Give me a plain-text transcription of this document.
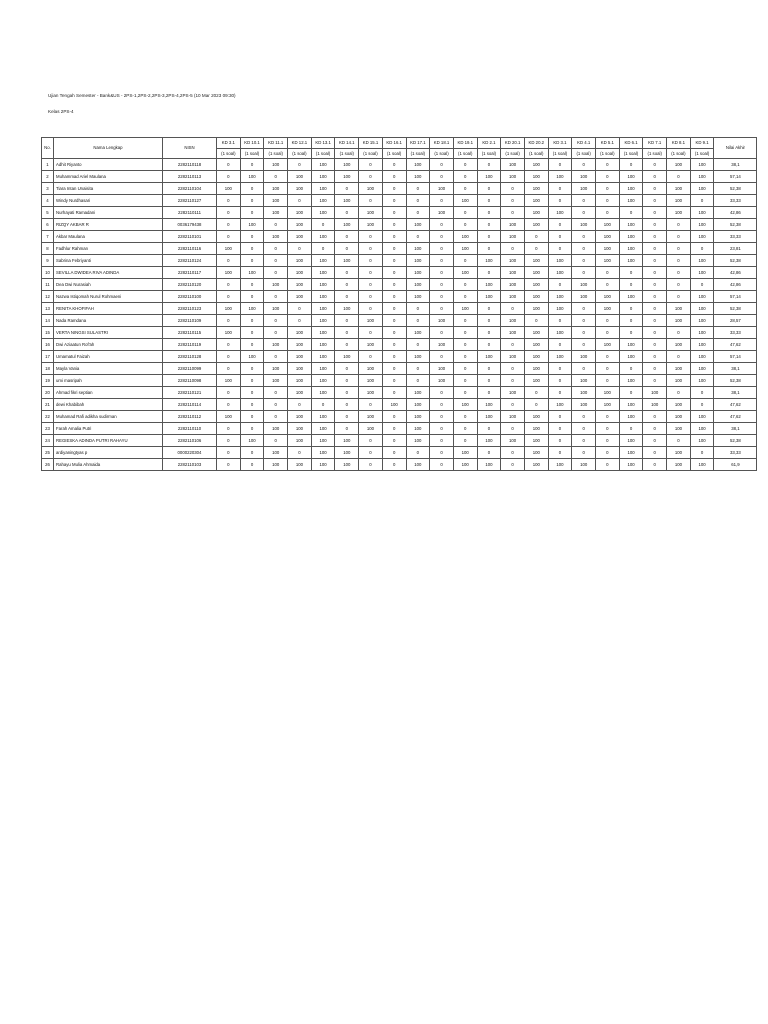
Ujian Tengah Semester - Bank&US - 2PS-1,2PS-2,2PS-3,2PS-4,2PS-5 (10 Mar 2023 09:30)
Kelas 2PS-4
No.	Nama Lengkap	NISN	KD 3.1	KD 10.1	KD 11.1	KD 12.1	KD 13.1	KD 14.1	KD 15.1	KD 16.1	KD 17.1	KD 18.1	KD 19.1	KD 2.1	KD 20.1	KD 20.2	KD 3.1	KD 4.1	KD 5.1	KD 6.1	KD 7.1	KD 8.1	KD 9.1	Nilai Akhir
			(1 soal)	(1 soal)	(1 soal)	(1 soal)	(1 soal)	(1 soal)	(1 soal)	(1 soal)	(1 soal)	(1 soal)	(1 soal)	(1 soal)	(1 soal)	(1 soal)	(1 soal)	(1 soal)	(1 soal)	(1 soal)	(1 soal)	(1 soal)	(1 soal)	
1	Adhit Riyanto	2282110118	0	0	100	0	100	100	0	0	100	0	0	0	100	100	0	0	0	0	0	100	100	38,1
2	Muhammad Ariel Maulana	2282110113	0	100	0	100	100	100	0	0	100	0	0	100	100	100	100	100	0	100	0	0	100	57,14
3	Tiara Intan Unaisita	2282110104	100	0	100	100	100	0	100	0	0	100	0	0	0	100	0	100	0	100	0	100	100	52,38
4	Windy Nurdhasari	2282110127	0	0	100	0	100	100	0	0	0	0	100	0	0	100	0	0	0	100	0	100	0	33,33
5	Nurhayati Ramadani	2282110111	0	0	100	100	100	0	100	0	0	100	0	0	0	100	100	0	0	0	0	100	100	42,86
6	RIZQY AKBAR R	0036179438	0	100	0	100	0	100	100	0	100	0	0	0	100	100	0	100	100	100	0	0	100	52,38
7	Akbar Maulana	2282110101	0	0	100	100	100	0	0	0	0	0	100	0	100	0	0	0	100	100	0	0	100	33,33
8	Fadhlur Rahman	2282110116	100	0	0	0	0	0	0	0	100	0	100	0	0	0	0	0	100	100	0	0	0	23,81
9	Sabrina Febriyanti	2282110124	0	0	0	100	100	100	0	0	100	0	0	100	100	100	100	0	100	100	0	0	100	52,38
10	SEVILLA DWIDEA RIVA ADINDA	2282110117	100	100	0	100	100	0	0	0	100	0	100	0	100	100	100	0	0	0	0	0	100	42,86
11	Dea Dwi Nurasiah	2282110120	0	0	100	100	100	0	0	0	100	0	0	100	100	100	0	100	0	0	0	0	0	42,86
12	Nazwa Istiqomah Nurul Rohmaeni	2282110100	0	0	0	100	100	0	0	0	100	0	0	100	100	100	100	100	100	100	0	0	100	57,14
13	RENITA KHOFIFAH	2282110123	100	100	100	0	100	100	0	0	0	0	100	0	0	100	100	0	100	0	0	100	100	52,38
14	Nada Ramdana	2282110109	0	0	0	0	100	0	100	0	0	100	0	0	100	0	0	0	0	0	0	100	100	28,57
15	VERTA NINGSI SULASTRI	2282110115	100	0	0	100	100	0	0	0	100	0	0	0	100	100	100	0	0	0	0	0	100	33,33
16	Dwi Aziaatun Rof'ah	2282110119	0	0	100	100	100	0	100	0	0	100	0	0	0	100	0	0	100	100	0	100	100	47,62
17	Umamatul Faizah	2282110128	0	100	0	100	100	100	0	0	100	0	0	100	100	100	100	100	0	100	0	0	100	57,14
18	Mayla Vania	2282110099	0	0	100	100	100	0	100	0	0	100	0	0	0	100	0	0	0	0	0	100	100	38,1
19	umi masripah	2282110098	100	0	100	100	100	0	100	0	0	100	0	0	0	100	0	100	0	100	0	100	100	52,38
20	Ahmad fikri septian	2282110121	0	0	0	100	100	0	100	0	100	0	0	0	100	0	0	100	100	0	100	0	0	38,1
21	dewi Khabibah	2282110114	0	0	0	0	0	0	0	100	100	0	100	100	0	0	100	100	100	100	100	100	0	47,62
22	Muhamad Rafi adikha sudirman	2282110112	100	0	0	100	100	0	100	0	100	0	0	100	100	100	0	0	0	100	0	100	100	47,62
23	Farah Amalia Putri	2282110110	0	0	100	100	100	0	100	0	100	0	0	0	0	100	0	0	0	0	0	100	100	38,1
24	REGIESKA ADINDA PUTRI RAHAYU	2282110106	0	100	0	100	100	100	0	0	100	0	0	100	100	100	0	0	0	100	0	0	100	52,38
25	ardiyaningtyas p	0000220304	0	0	100	0	100	100	0	0	0	0	100	0	0	100	0	0	0	100	0	100	0	33,33
26	Rahayu Mulia Ahmaida	2282110103	0	0	100	100	100	100	0	0	100	0	100	100	0	100	100	100	0	100	0	100	100	61,9
